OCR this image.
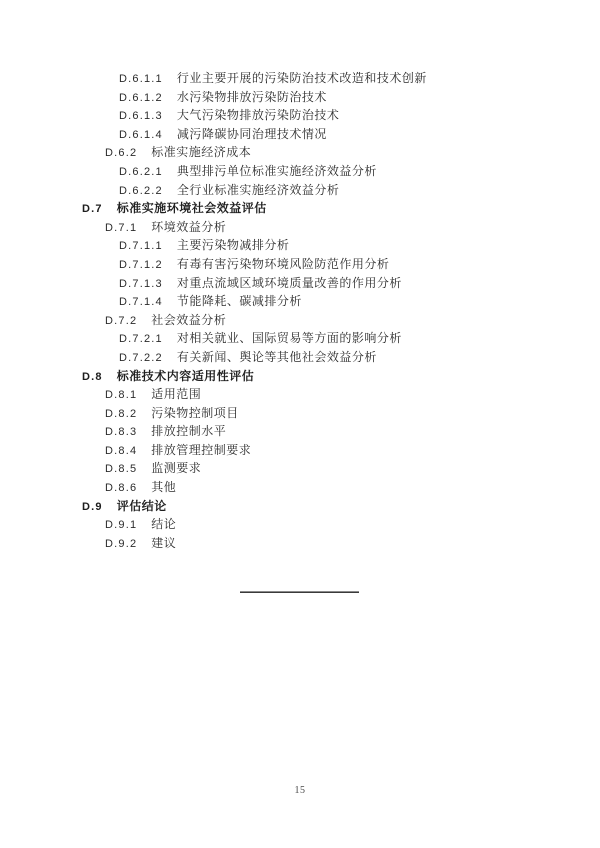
D.6.1.1 行业主要开展的污染防治技术改造和技术创新
D.6.1.2 水污染物排放污染防治技术
D.6.1.3 大气污染物排放污染防治技术
D.6.1.4 减污降碳协同治理技术情况
D.6.2 标准实施经济成本
D.6.2.1 典型排污单位标准实施经济效益分析
D.6.2.2 全行业标准实施经济效益分析
D.7 标准实施环境社会效益评估
D.7.1 环境效益分析
D.7.1.1 主要污染物减排分析
D.7.1.2 有毒有害污染物环境风险防范作用分析
D.7.1.3 对重点流域区域环境质量改善的作用分析
D.7.1.4 节能降耗、碳减排分析
D.7.2 社会效益分析
D.7.2.1 对相关就业、国际贸易等方面的影响分析
D.7.2.2 有关新闻、舆论等其他社会效益分析
D.8 标准技术内容适用性评估
D.8.1 适用范围
D.8.2 污染物控制项目
D.8.3 排放控制水平
D.8.4 排放管理控制要求
D.8.5 监测要求
D.8.6 其他
D.9 评估结论
D.9.1 结论
D.9.2 建议
15
